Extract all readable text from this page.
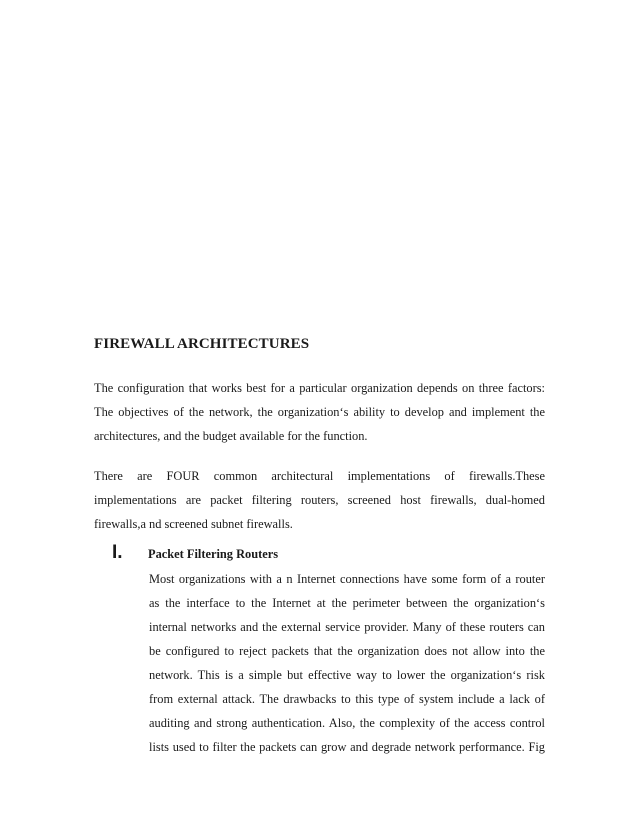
FIREWALL ARCHITECTURES

The configuration that works best for a particular organization depends on three factors:
The objectives of the network, the organization‘s ability to develop and implement the
architectures, and the budget available for the function.

There are FOUR common architectural implementations of firewalls.These
implementations are packet filtering routers, screened host firewalls, dual-homed
firewalls,a nd screened subnet firewalls.

I.	Packet Filtering Routers

Most organizations with a n Internet connections have some form of a router
as the interface to the Internet at the perimeter between the organization‘s
internal networks and the external service provider. Many of these routers can
be configured to reject packets that the organization does not allow into the
network. This is a simple but effective way to lower the organization‘s risk
from external attack. The drawbacks to this type of system include a lack of
auditing and strong authentication. Also, the complexity of the access control
lists used to filter the packets can grow and degrade network performance. Fig
